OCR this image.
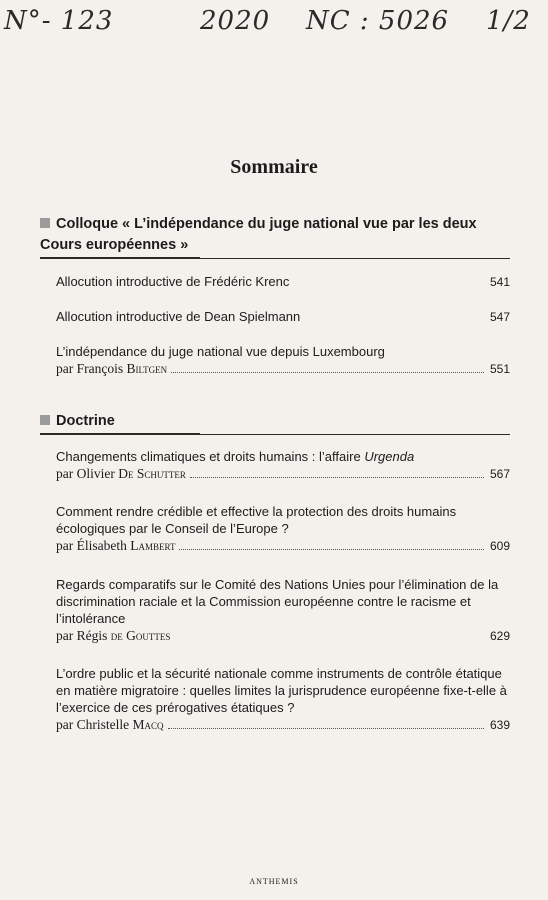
N°- 123	2020 NC : 5026 1/2
Sommaire
Colloque « L’indépendance du juge national vue par les deux Cours européennes »
Allocution introductive de Frédéric Krenc	541
Allocution introductive de Dean Spielmann	547
L’indépendance du juge national vue depuis Luxembourg
par François Biltgen	551
Doctrine
Changements climatiques et droits humains : l’affaire Urgenda
par Olivier De Schutter	567
Comment rendre crédible et effective la protection des droits humains écologiques par le Conseil de l’Europe ?
par Élisabeth Lambert	609
Regards comparatifs sur le Comité des Nations Unies pour l’élimination de la discrimination raciale et la Commission européenne contre le racisme et l’intolérance
par Régis de Gouttes	629
L’ordre public et la sécurité nationale comme instruments de contrôle étatique en matière migratoire : quelles limites la jurisprudence européenne fixe-t-elle à l’exercice de ces prérogatives étatiques ?
par Christelle Macq	639
ANTHEMIS
